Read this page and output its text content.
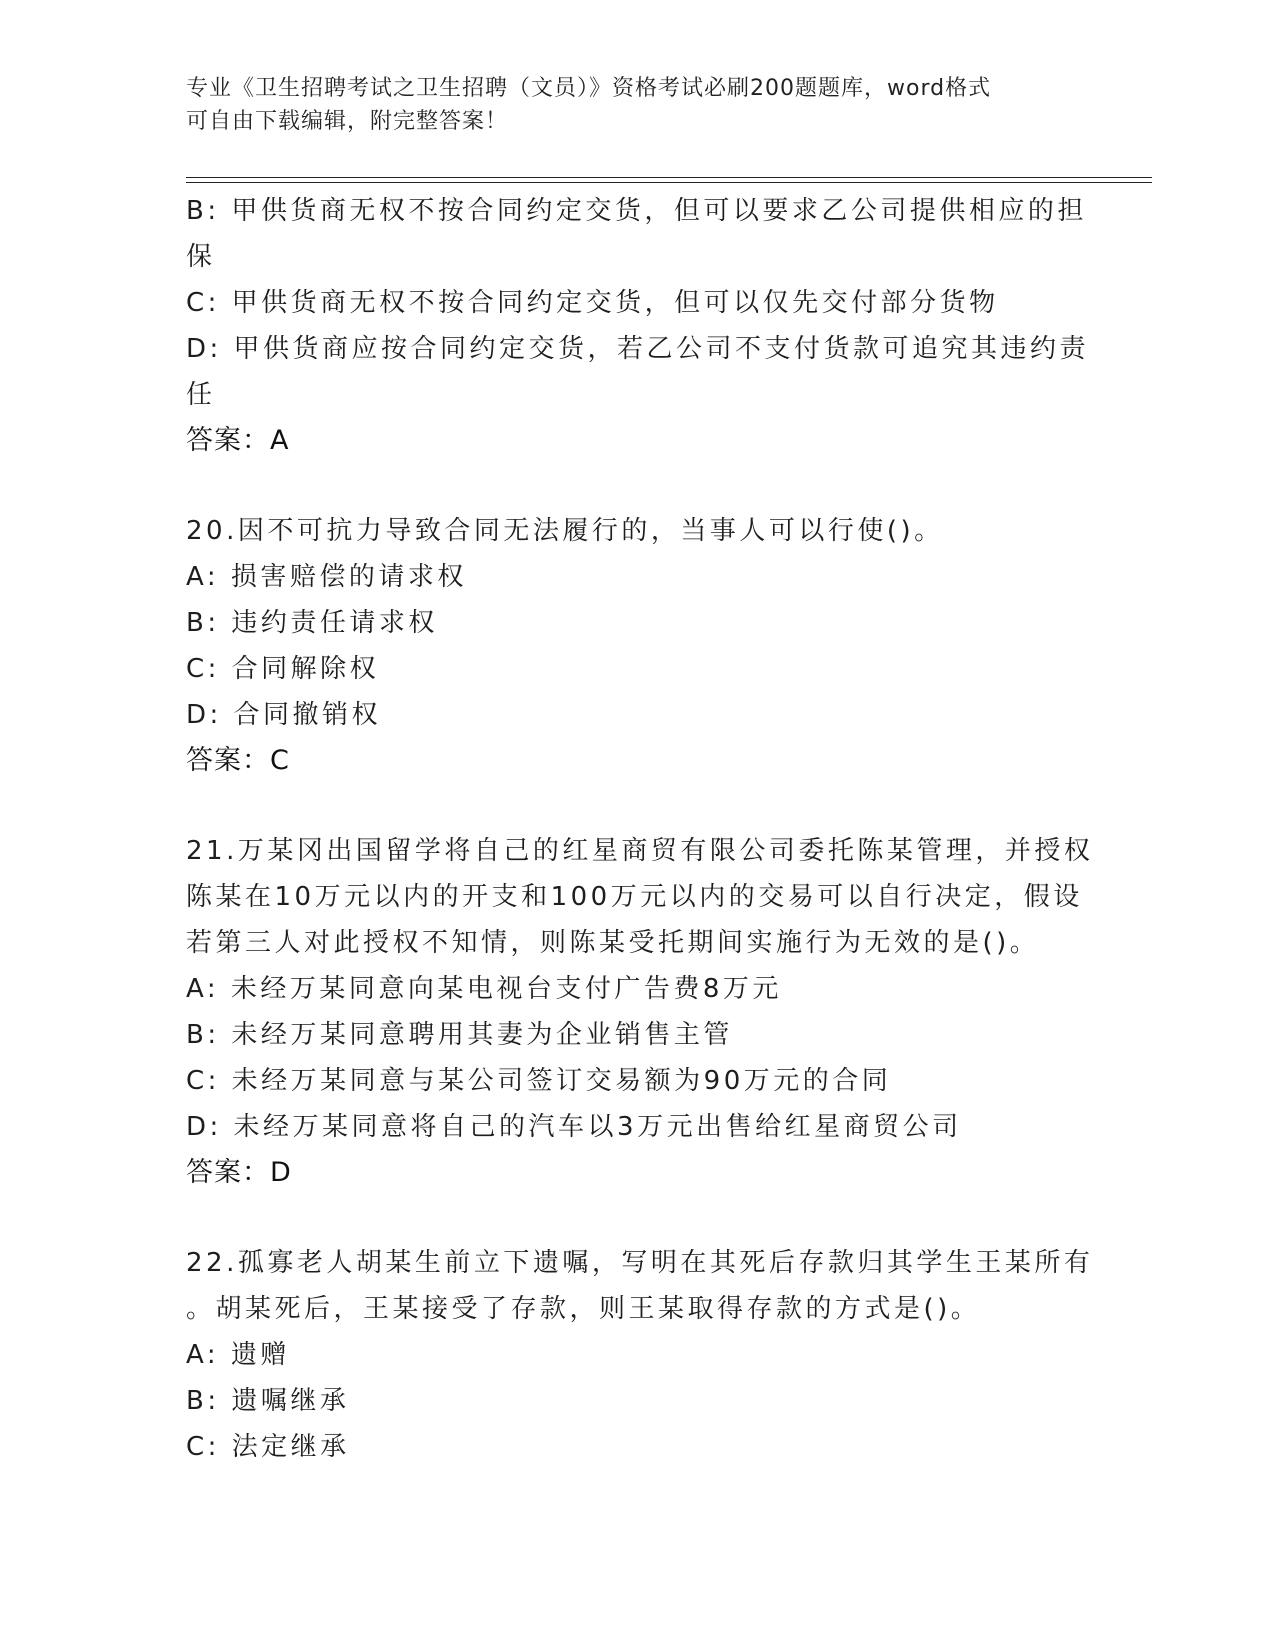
专业《卫生招聘考试之卫生招聘（文员）》资格考试必刷200题题库，word格式
可自由下载编辑，附完整答案！
B: 甲供货商无权不按合同约定交货，但可以要求乙公司提供相应的担
保
C: 甲供货商无权不按合同约定交货，但可以仅先交付部分货物
D: 甲供货商应按合同约定交货，若乙公司不支付货款可追究其违约责
任
答案：A
20.因不可抗力导致合同无法履行的，当事人可以行使()。
A: 损害赔偿的请求权
B: 违约责任请求权
C: 合同解除权
D: 合同撤销权
答案：C
21.万某冈出国留学将自己的红星商贸有限公司委托陈某管理，并授权
陈某在10万元以内的开支和100万元以内的交易可以自行决定，假设
若第三人对此授权不知情，则陈某受托期间实施行为无效的是()。
A: 未经万某同意向某电视台支付广告费8万元
B: 未经万某同意聘用其妻为企业销售主管
C: 未经万某同意与某公司签订交易额为90万元的合同
D: 未经万某同意将自己的汽车以3万元出售给红星商贸公司
答案：D
22.孤寡老人胡某生前立下遗嘱，写明在其死后存款归其学生王某所有
。胡某死后，王某接受了存款，则王某取得存款的方式是()。
A: 遗赠
B: 遗嘱继承
C: 法定继承
